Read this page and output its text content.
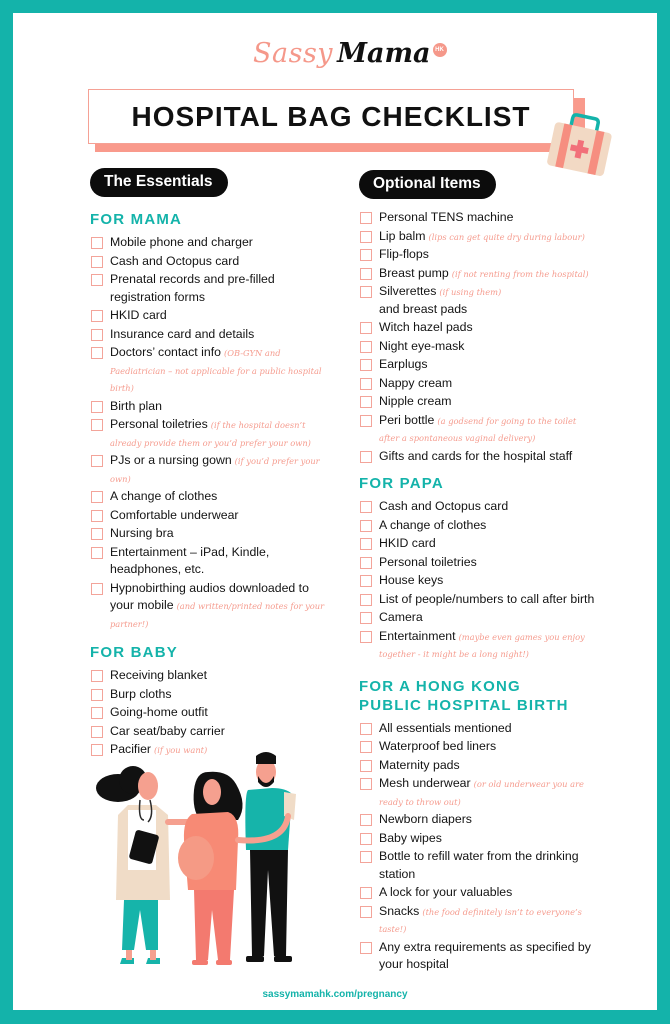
Sassy Mama HK
HOSPITAL BAG CHECKLIST
The Essentials
FOR MAMA
Mobile phone and charger
Cash and Octopus card
Prenatal records and pre-filled registration forms
HKID card
Insurance card and details
Doctors’ contact info (OB-GYN and Paediatrician – not applicable for a public hospital birth)
Birth plan
Personal toiletries (if the hospital doesn’t already provide them or you’d prefer your own)
PJs or a nursing gown (if you’d prefer your own)
A change of clothes
Comfortable underwear
Nursing bra
Entertainment – iPad, Kindle, headphones, etc.
Hypnobirthing audios downloaded to your mobile (and written/printed notes for your partner!)
FOR BABY
Receiving blanket
Burp cloths
Going-home outfit
Car seat/baby carrier
Pacifier (if you want)
Optional Items
Personal TENS machine
Lip balm (lips can get quite dry during labour)
Flip-flops
Breast pump (if not renting from the hospital)
Silverettes (if using them)
and breast pads
Witch hazel pads
Night eye-mask
Earplugs
Nappy cream
Nipple cream
Peri bottle (a godsend for going to the toilet after a spontaneous vaginal delivery)
Gifts and cards for the hospital staff
FOR PAPA
Cash and Octopus card
A change of clothes
HKID card
Personal toiletries
House keys
List of people/numbers to call after birth
Camera
Entertainment (maybe even games you enjoy together - it might be a long night!)
FOR A HONG KONG PUBLIC HOSPITAL BIRTH
All essentials mentioned
Waterproof bed liners
Maternity pads
Mesh underwear (or old underwear you are ready to throw out)
Newborn diapers
Baby wipes
Bottle to refill water from the drinking station
A lock for your valuables
Snacks (the food definitely isn’t to everyone’s taste!)
Any extra requirements as specified by your hospital
sassymamahk.com/pregnancy
